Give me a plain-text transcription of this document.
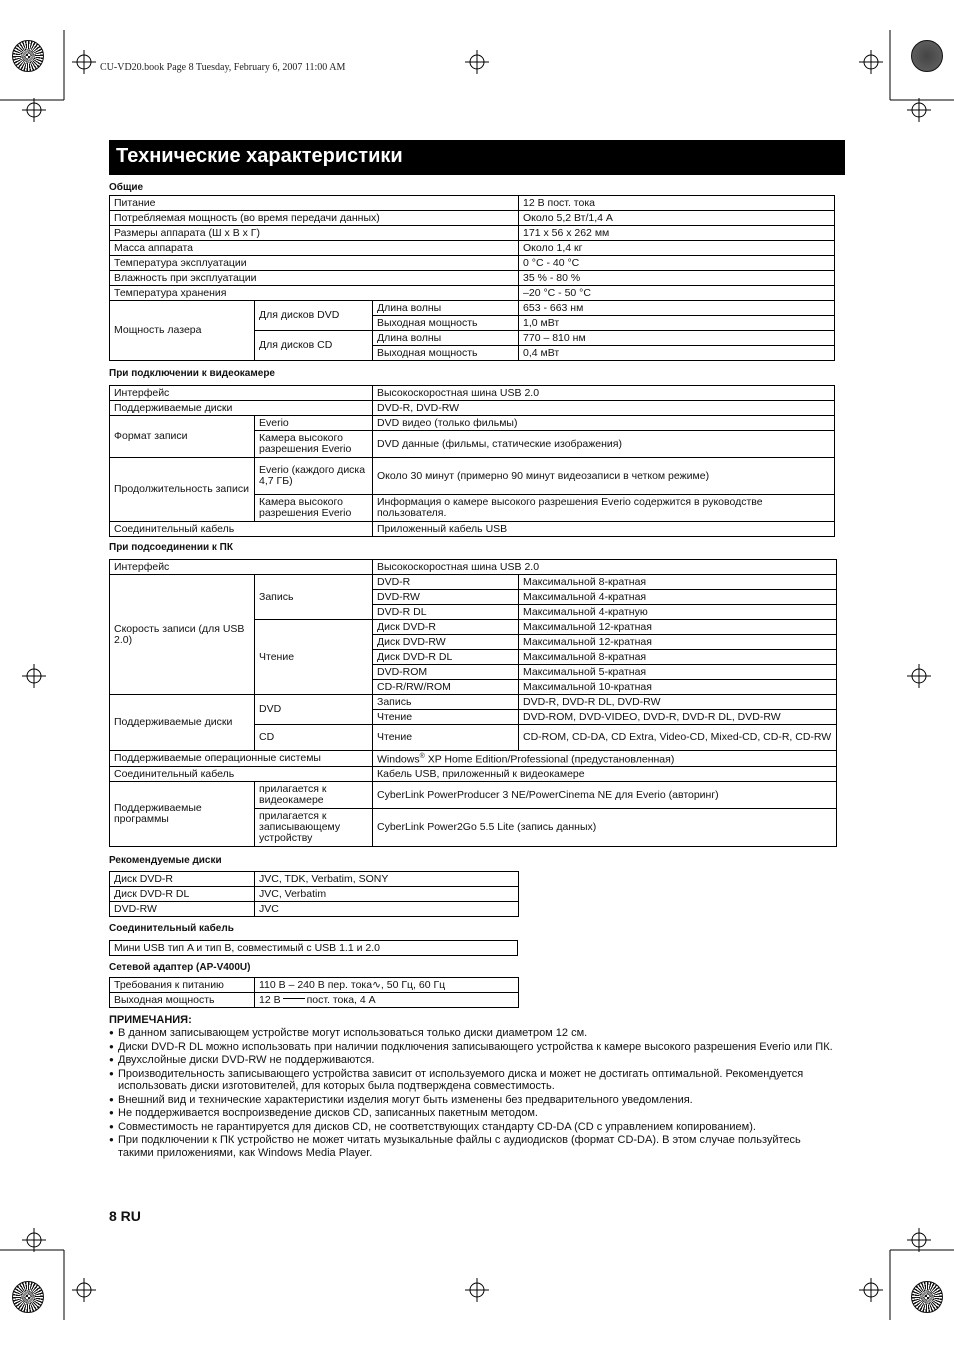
CU-VD20.book Page 8 Tuesday, February 6, 2007 11:00 AM
Технические характеристики
Общие
Питание			12 В пост. тока
Потребляемая мощность (во время передачи данных)			Около 5,2 Вт/1,4 А
Размеры аппарата (Ш x В x Г)			171 x 56 x 262 мм
Масса аппарата			Около 1,4 кг
Температура эксплуатации			0 °C - 40 °C
Влажность при эксплуатации			35 % - 80 %
Температура хранения			–20 °C - 50 °C
Мощность лазера	Для дисков DVD	Длина волны	653 - 663 нм
		Выходная мощность	1,0 мВт
	Для дисков CD	Длина волны	770 – 810 нм
		Выходная мощность	0,4 мВт
При подключении к видеокамере
Интерфейс		Высокоскоростная шина USB 2.0
Поддерживаемые диски		DVD-R, DVD-RW
Формат записи	Everio	DVD видео (только фильмы)
	Камера высокого разрешения Everio	DVD данные (фильмы, статические изображения)
Продолжительность записи	Everio (каждого диска 4,7 ГБ)	Около 30 минут (примерно 90 минут видеозаписи в четком режиме)
	Камера высокого разрешения Everio	Информация о камере высокого разрешения Everio содержится в руководстве пользователя.
Соединительный кабель		Приложенный кабель USB
При подсоединении к ПК
Интерфейс		Высокоскоростная шина USB 2.0	
Скорость записи (для USB 2.0)	Запись	DVD-R	Максимальной 8-кратная
		DVD-RW	Максимальной 4-кратная
		DVD-R DL	Максимальной 4-кратную
	Чтение	Диск DVD-R	Максимальной 12-кратная
		Диск DVD-RW	Максимальной 12-кратная
		Диск DVD-R DL	Максимальной 8-кратная
		DVD-ROM	Максимальной 5-кратная
		CD-R/RW/ROM	Максимальной 10-кратная
Поддерживаемые диски	DVD	Запись	DVD-R, DVD-R DL, DVD-RW
		Чтение	DVD-ROM, DVD-VIDEO, DVD-R, DVD-R DL, DVD-RW
	CD	Чтение	CD-ROM, CD-DA, CD Extra, Video-CD, Mixed-CD, CD-R, CD-RW
Поддерживаемые операционные системы		Windows® XP Home Edition/Professional (предустановленная)	
Соединительный кабель		Кабель USB, приложенный к видеокамере	
Поддерживаемые программы	прилагается к видеокамере	CyberLink PowerProducer 3 NE/PowerCinema NE для Everio (авторинг)	
	прилагается к записывающему устройству	CyberLink Power2Go 5.5 Lite (запись данных)	
Рекомендуемые диски
Диск DVD-R	JVC, TDK, Verbatim, SONY
Диск DVD-R DL	JVC, Verbatim
DVD-RW	JVC
Соединительный кабель
Мини USB тип A и тип B, совместимый с USB 1.1 и 2.0
Сетевой адаптер (AP-V400U)
Требования к питанию	110 В – 240 В пер. тока∿, 50 Гц, 60 Гц
Выходная мощность	12 В пост. тока, 4 А
ПРИМЕЧАНИЯ:
● В данном записывающем устройстве могут использоваться только диски диаметром 12 см.
● Диски DVD-R DL можно использовать при наличии подключения записывающего устройства к камере высокого разрешения Everio или ПК.
● Двухслойные диски DVD-RW не поддерживаются.
● Производительность записывающего устройства зависит от используемого диска и может не достигать оптимальной. Рекомендуется использовать диски изготовителей, для которых была подтверждена совместимость.
● Внешний вид и технические характеристики изделия могут быть изменены без предварительного уведомления.
● Не поддерживается воспроизведение дисков CD, записанных пакетным методом.
● Совместимость не гарантируется для дисков CD, не соответствующих стандарту CD-DA (CD с управлением копированием).
● При подключении к ПК устройство не может читать музыкальные файлы с аудиодисков (формат CD-DA). В этом случае пользуйтесь такими приложениями, как Windows Media Player.
8 RU
